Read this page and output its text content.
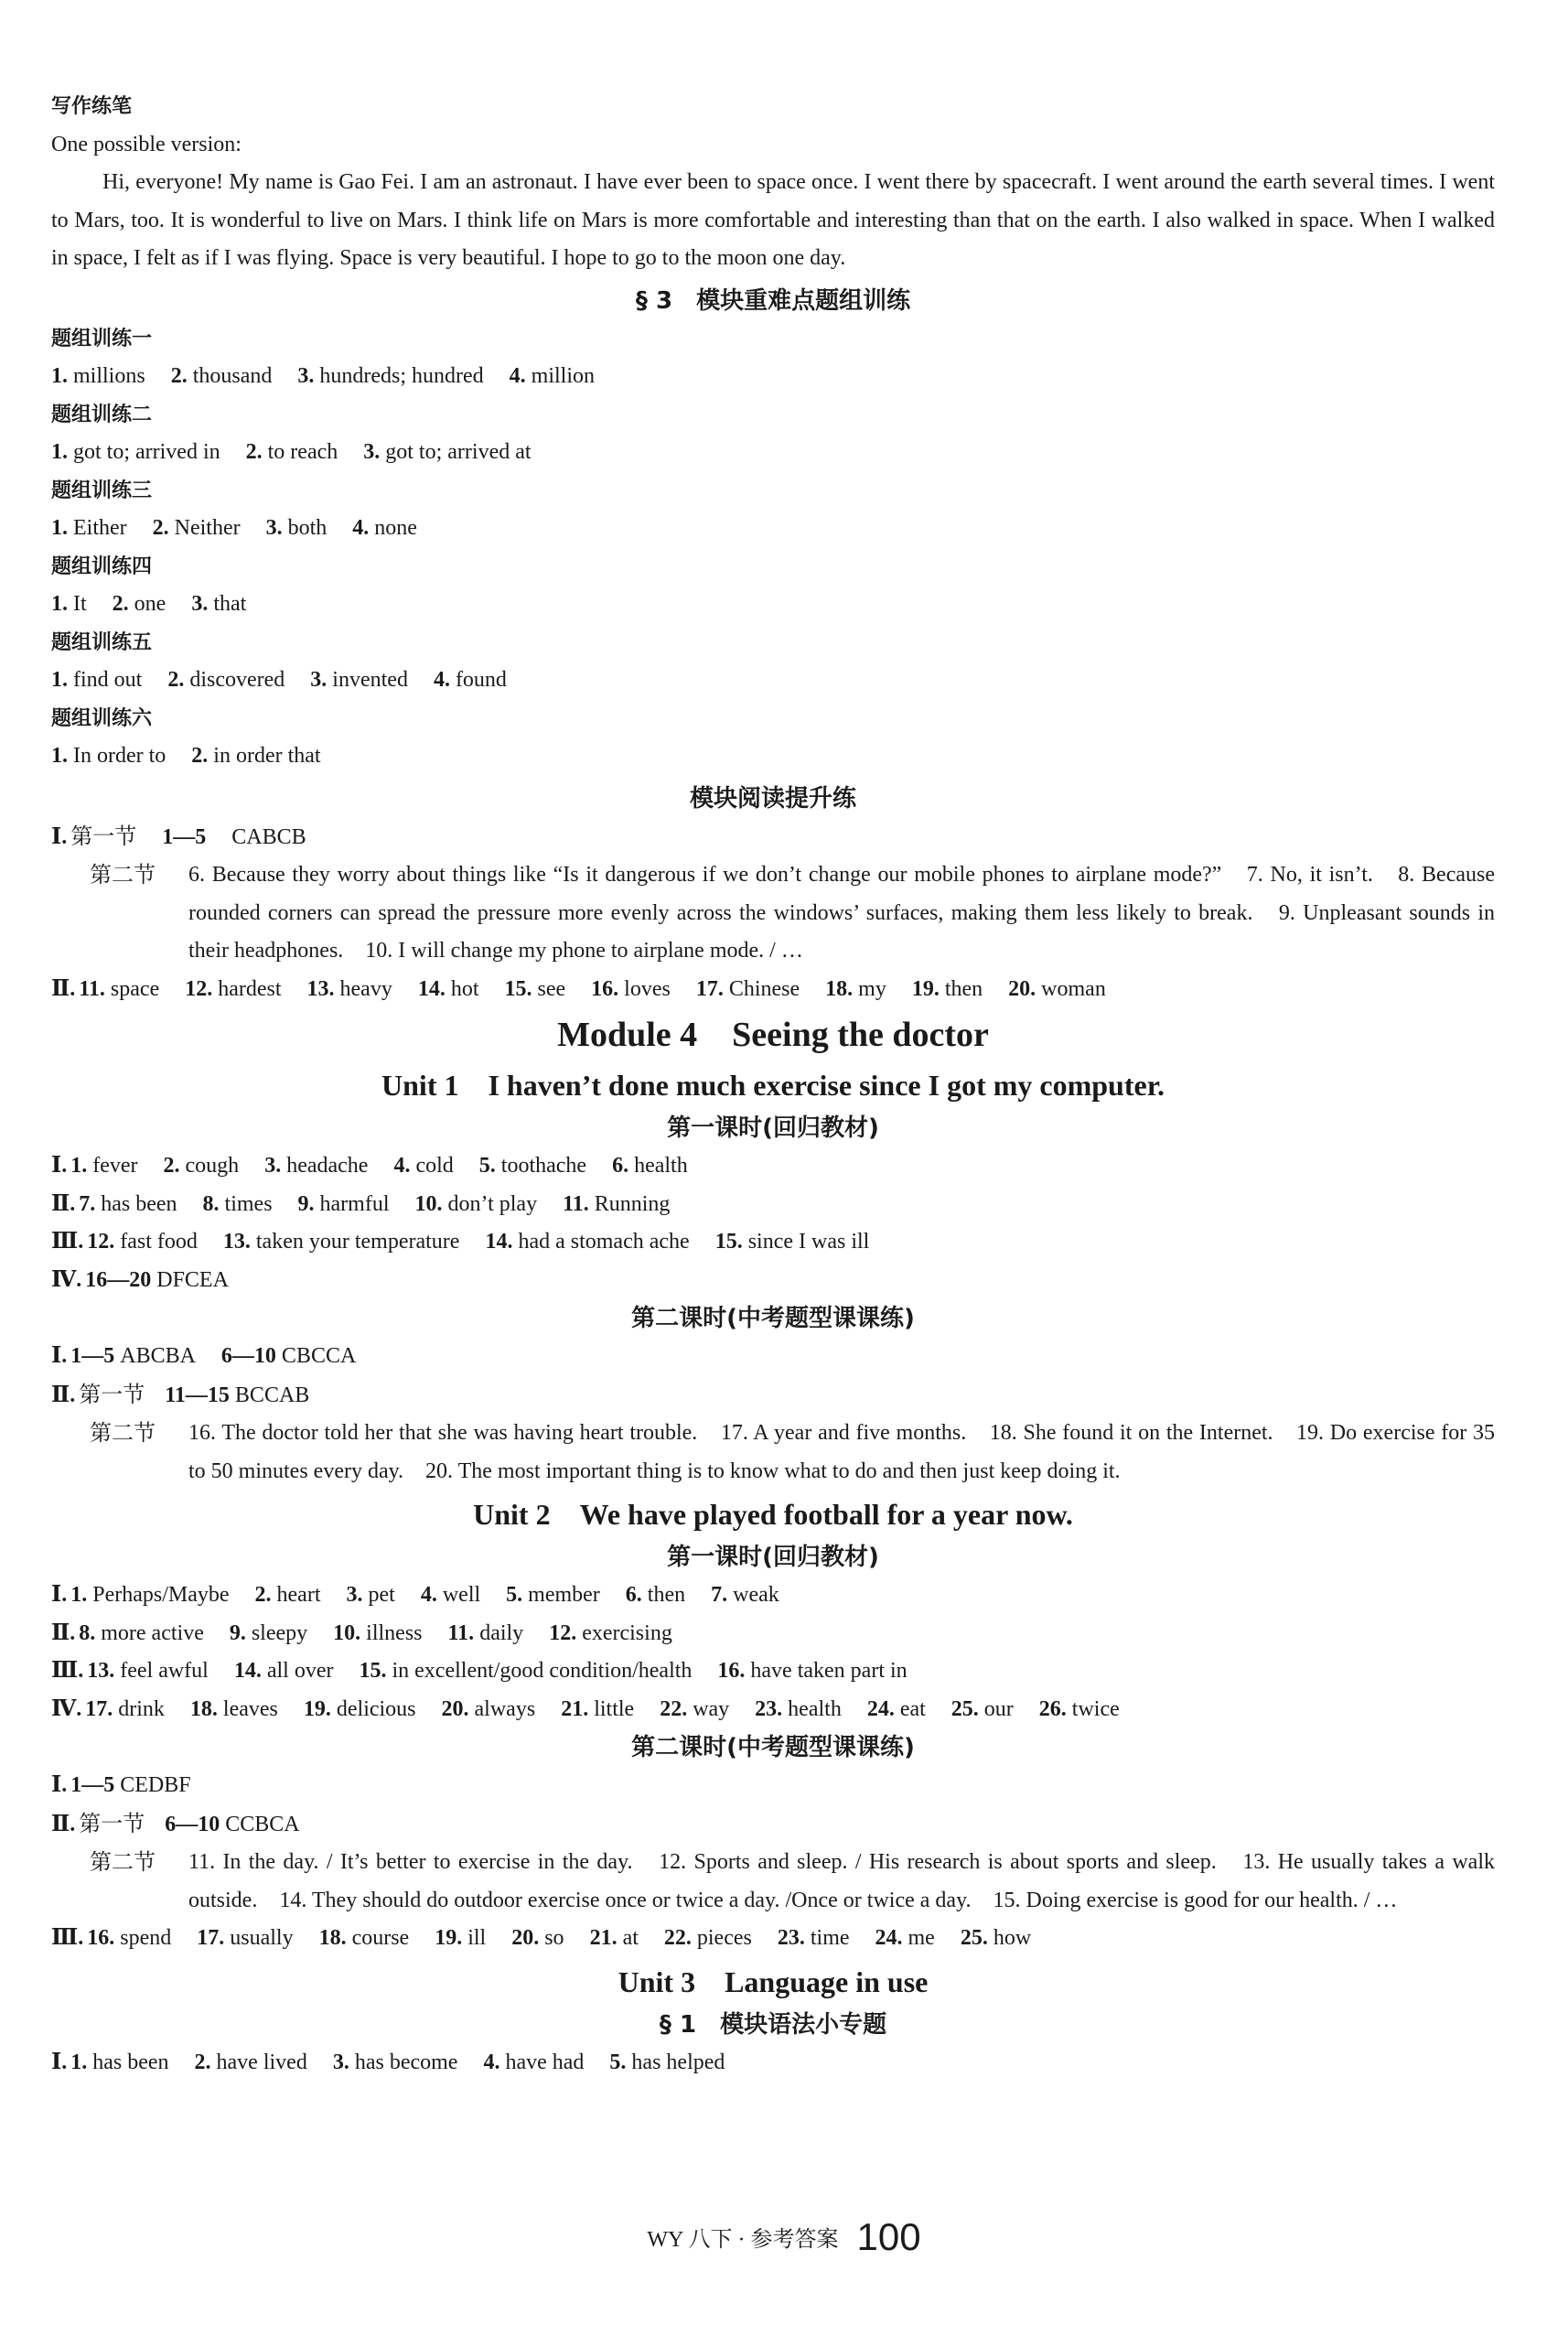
写作练笔
One possible version:
Hi, everyone! My name is Gao Fei. I am an astronaut. I have ever been to space once. I went there by spacecraft. I went around the earth several times. I went to Mars, too. It is wonderful to live on Mars. I think life on Mars is more comfortable and interesting than that on the earth. I also walked in space. When I walked in space, I felt as if I was flying. Space is very beautiful. I hope to go to the moon one day.
§ 3　模块重难点题组训练
题组训练一
1. millions 2. thousand 3. hundreds; hundred 4. million
题组训练二
1. got to; arrived in 2. to reach 3. got to; arrived at
题组训练三
1. Either 2. Neither 3. both 4. none
题组训练四
1. It 2. one 3. that
题组训练五
1. find out 2. discovered 3. invented 4. found
题组训练六
1. In order to 2. in order that
模块阅读提升练
Ⅰ. 第一节 1—5 CABCB
第二节	6. Because they worry about things like “Is it dangerous if we don’t change our mobile phones to airplane mode?”　7. No, it isn’t.　8. Because rounded corners can spread the pressure more evenly across the windows’ surfaces, making them less likely to break.　9. Unpleasant sounds in their headphones.　10. I will change my phone to airplane mode. / …
Ⅱ. 11. space 12. hardest 13. heavy 14. hot 15. see 16. loves 17. Chinese 18. my 19. then 20. woman
Module 4　Seeing the doctor
Unit 1　I haven’t done much exercise since I got my computer.
第一课时(回归教材)
Ⅰ. 1. fever 2. cough 3. headache 4. cold 5. toothache 6. health
Ⅱ. 7. has been 8. times 9. harmful 10. don’t play 11. Running
Ⅲ. 12. fast food 13. taken your temperature 14. had a stomach ache 15. since I was ill
Ⅳ. 16—20 DFCEA
第二课时(中考题型课课练)
Ⅰ. 1—5 ABCBA 6—10 CBCCA
Ⅱ. 第一节 11—15 BCCAB
第二节	16. The doctor told her that she was having heart trouble.　17. A year and five months.　18. She found it on the Internet.　19. Do exercise for 35 to 50 minutes every day.　20. The most important thing is to know what to do and then just keep doing it.
Unit 2　We have played football for a year now.
第一课时(回归教材)
Ⅰ. 1. Perhaps/Maybe 2. heart 3. pet 4. well 5. member 6. then 7. weak
Ⅱ. 8. more active 9. sleepy 10. illness 11. daily 12. exercising
Ⅲ. 13. feel awful 14. all over 15. in excellent/good condition/health 16. have taken part in
Ⅳ. 17. drink 18. leaves 19. delicious 20. always 21. little 22. way 23. health 24. eat 25. our 26. twice
第二课时(中考题型课课练)
Ⅰ. 1—5 CEDBF
Ⅱ. 第一节 6—10 CCBCA
第二节	11. In the day. / It’s better to exercise in the day.　12. Sports and sleep. / His research is about sports and sleep.　13. He usually takes a walk outside.　14. They should do outdoor exercise once or twice a day. /Once or twice a day.　15. Doing exercise is good for our health. / …
Ⅲ. 16. spend 17. usually 18. course 19. ill 20. so 21. at 22. pieces 23. time 24. me 25. how
Unit 3　Language in use
§ 1　模块语法小专题
Ⅰ. 1. has been 2. have lived 3. has become 4. have had 5. has helped
WY 八下 · 参考答案 100
